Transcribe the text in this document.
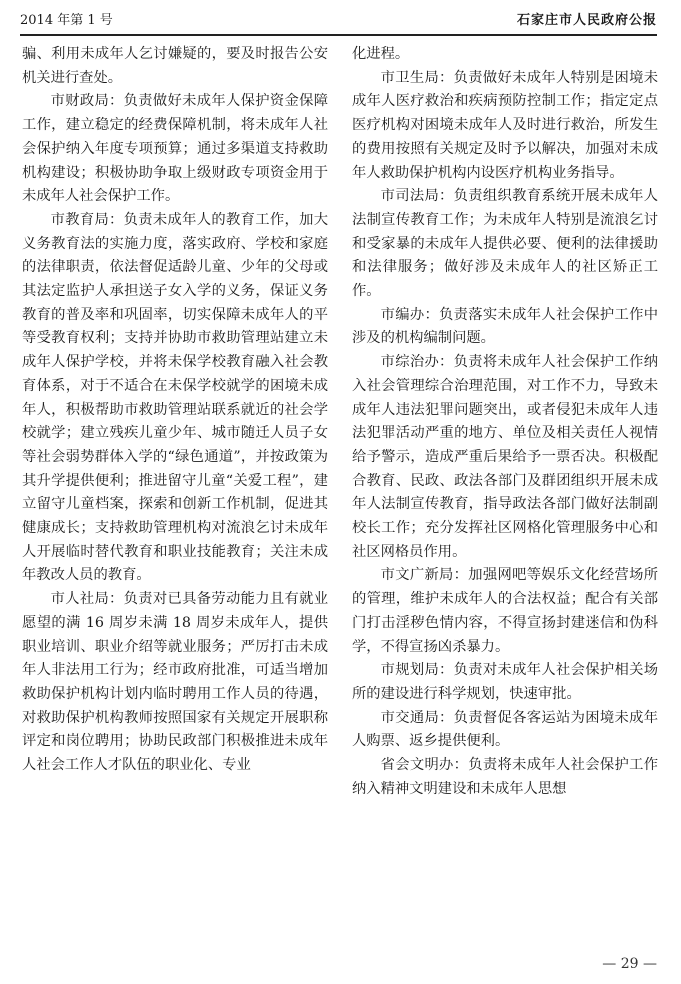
2014 年第 1 号	石家庄市人民政府公报

骗、利用未成年人乞讨嫌疑的，要及时报告公安机关进行查处。

市财政局：负责做好未成年人保护资金保障工作，建立稳定的经费保障机制，将未成年人社会保护纳入年度专项预算；通过多渠道支持救助机构建设；积极协助争取上级财政专项资金用于未成年人社会保护工作。

市教育局：负责未成年人的教育工作，加大义务教育法的实施力度，落实政府、学校和家庭的法律职责，依法督促适龄儿童、少年的父母或其法定监护人承担送子女入学的义务，保证义务教育的普及率和巩固率，切实保障未成年人的平等受教育权利；支持并协助市救助管理站建立未成年人保护学校，并将未保学校教育融入社会教育体系，对于不适合在未保学校就学的困境未成年人，积极帮助市救助管理站联系就近的社会学校就学；建立残疾儿童少年、城市随迁人员子女等社会弱势群体入学的“绿色通道”，并按政策为其升学提供便利；推进留守儿童“关爱工程”，建立留守儿童档案，探索和创新工作机制，促进其健康成长；支持救助管理机构对流浪乞讨未成年人开展临时替代教育和职业技能教育；关注未成年教改人员的教育。

市人社局：负责对已具备劳动能力且有就业愿望的满 16 周岁未满 18 周岁未成年人，提供职业培训、职业介绍等就业服务；严厉打击未成年人非法用工行为；经市政府批准，可适当增加救助保护机构计划内临时聘用工作人员的待遇，对救助保护机构教师按照国家有关规定开展职称评定和岗位聘用；协助民政部门积极推进未成年人社会工作人才队伍的职业化、专业

化进程。

市卫生局：负责做好未成年人特别是困境未成年人医疗救治和疾病预防控制工作；指定定点医疗机构对困境未成年人及时进行救治，所发生的费用按照有关规定及时予以解决，加强对未成年人救助保护机构内设医疗机构业务指导。

市司法局：负责组织教育系统开展未成年人法制宣传教育工作；为未成年人特别是流浪乞讨和受家暴的未成年人提供必要、便利的法律援助和法律服务；做好涉及未成年人的社区矫正工作。

市编办：负责落实未成年人社会保护工作中涉及的机构编制问题。

市综治办：负责将未成年人社会保护工作纳入社会管理综合治理范围，对工作不力，导致未成年人违法犯罪问题突出，或者侵犯未成年人违法犯罪活动严重的地方、单位及相关责任人视情给予警示，造成严重后果给予一票否决。积极配合教育、民政、政法各部门及群团组织开展未成年人法制宣传教育，指导政法各部门做好法制副校长工作；充分发挥社区网格化管理服务中心和社区网格员作用。

市文广新局：加强网吧等娱乐文化经营场所的管理，维护未成年人的合法权益；配合有关部门打击淫秽色情内容，不得宣扬封建迷信和伪科学，不得宣扬凶杀暴力。

市规划局：负责对未成年人社会保护相关场所的建设进行科学规划，快速审批。

市交通局：负责督促各客运站为困境未成年人购票、返乡提供便利。

省会文明办：负责将未成年人社会保护工作纳入精神文明建设和未成年人思想

— 29 —
